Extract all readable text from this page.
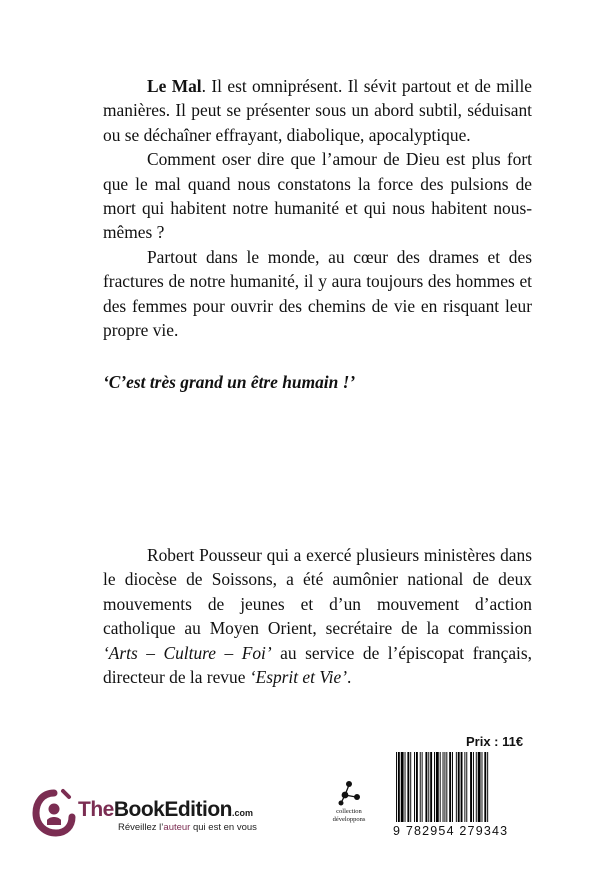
Le Mal. Il est omniprésent. Il sévit partout et de mille manières. Il peut se présenter sous un abord subtil, séduisant ou se déchaîner effrayant, diabolique, apocalyptique.

Comment oser dire que l’amour de Dieu est plus fort que le mal quand nous constatons la force des pulsions de mort qui habitent notre humanité et qui nous habitent nous-mêmes ?

Partout dans le monde, au cœur des drames et des fractures de notre humanité, il y aura toujours des hommes et des femmes pour ouvrir des chemins de vie en risquant leur propre vie.

‘C’est très grand un être humain !’

Robert Pousseur qui a exercé plusieurs ministères dans le diocèse de Soissons, a été aumônier national de deux mouvements de jeunes et d’un mouvement d’action catholique au Moyen Orient, secrétaire de la commission ‘Arts – Culture – Foi’ au service de l’épiscopat français, directeur de la revue ‘Esprit et Vie’.

TheBookEdition.com
Réveillez l’auteur qui est en vous
collection
développons
Prix : 11€
9 782954 279343
